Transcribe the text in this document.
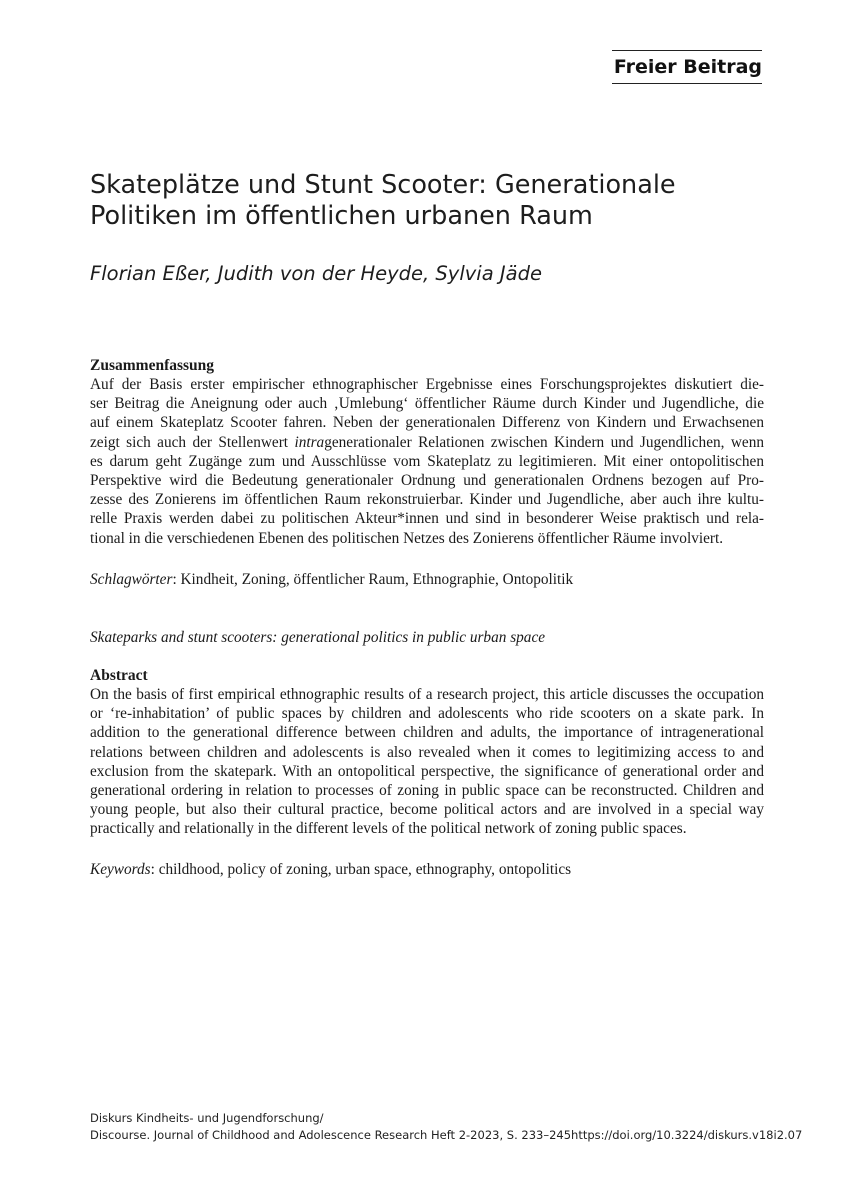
Freier Beitrag
Skateplätze und Stunt Scooter: Generationale
Politiken im öffentlichen urbanen Raum
Florian Eßer, Judith von der Heyde, Sylvia Jäde
Zusammenfassung
Auf der Basis erster empirischer ethnographischer Ergebnisse eines Forschungsprojektes diskutiert die-
ser Beitrag die Aneignung oder auch ‚Umlebung‘ öffentlicher Räume durch Kinder und Jugendliche, die
auf einem Skateplatz Scooter fahren. Neben der generationalen Differenz von Kindern und Erwachsenen
zeigt sich auch der Stellenwert intragenerationaler Relationen zwischen Kindern und Jugendlichen, wenn
es darum geht Zugänge zum und Ausschlüsse vom Skateplatz zu legitimieren. Mit einer ontopolitischen
Perspektive wird die Bedeutung generationaler Ordnung und generationalen Ordnens bezogen auf Pro-
zesse des Zonierens im öffentlichen Raum rekonstruierbar. Kinder und Jugendliche, aber auch ihre kultu-
relle Praxis werden dabei zu politischen Akteur*innen und sind in besonderer Weise praktisch und rela-
tional in die verschiedenen Ebenen des politischen Netzes des Zonierens öffentlicher Räume involviert.
Schlagwörter: Kindheit, Zoning, öffentlicher Raum, Ethnographie, Ontopolitik
Skateparks and stunt scooters: generational politics in public urban space
Abstract
On the basis of first empirical ethnographic results of a research project, this article discusses the occupation
or ‘re-inhabitation’ of public spaces by children and adolescents who ride scooters on a skate park. In
addition to the generational difference between children and adults, the importance of intragenerational
relations between children and adolescents is also revealed when it comes to legitimizing access to and
exclusion from the skatepark. With an ontopolitical perspective, the significance of generational order and
generational ordering in relation to processes of zoning in public space can be reconstructed. Children and
young people, but also their cultural practice, become political actors and are involved in a special way
practically and relationally in the different levels of the political network of zoning public spaces.
Keywords: childhood, policy of zoning, urban space, ethnography, ontopolitics
Diskurs Kindheits- und Jugendforschung/
Discourse. Journal of Childhood and Adolescence Research Heft 2-2023, S. 233–245 https://doi.org/10.3224/diskurs.v18i2.07
